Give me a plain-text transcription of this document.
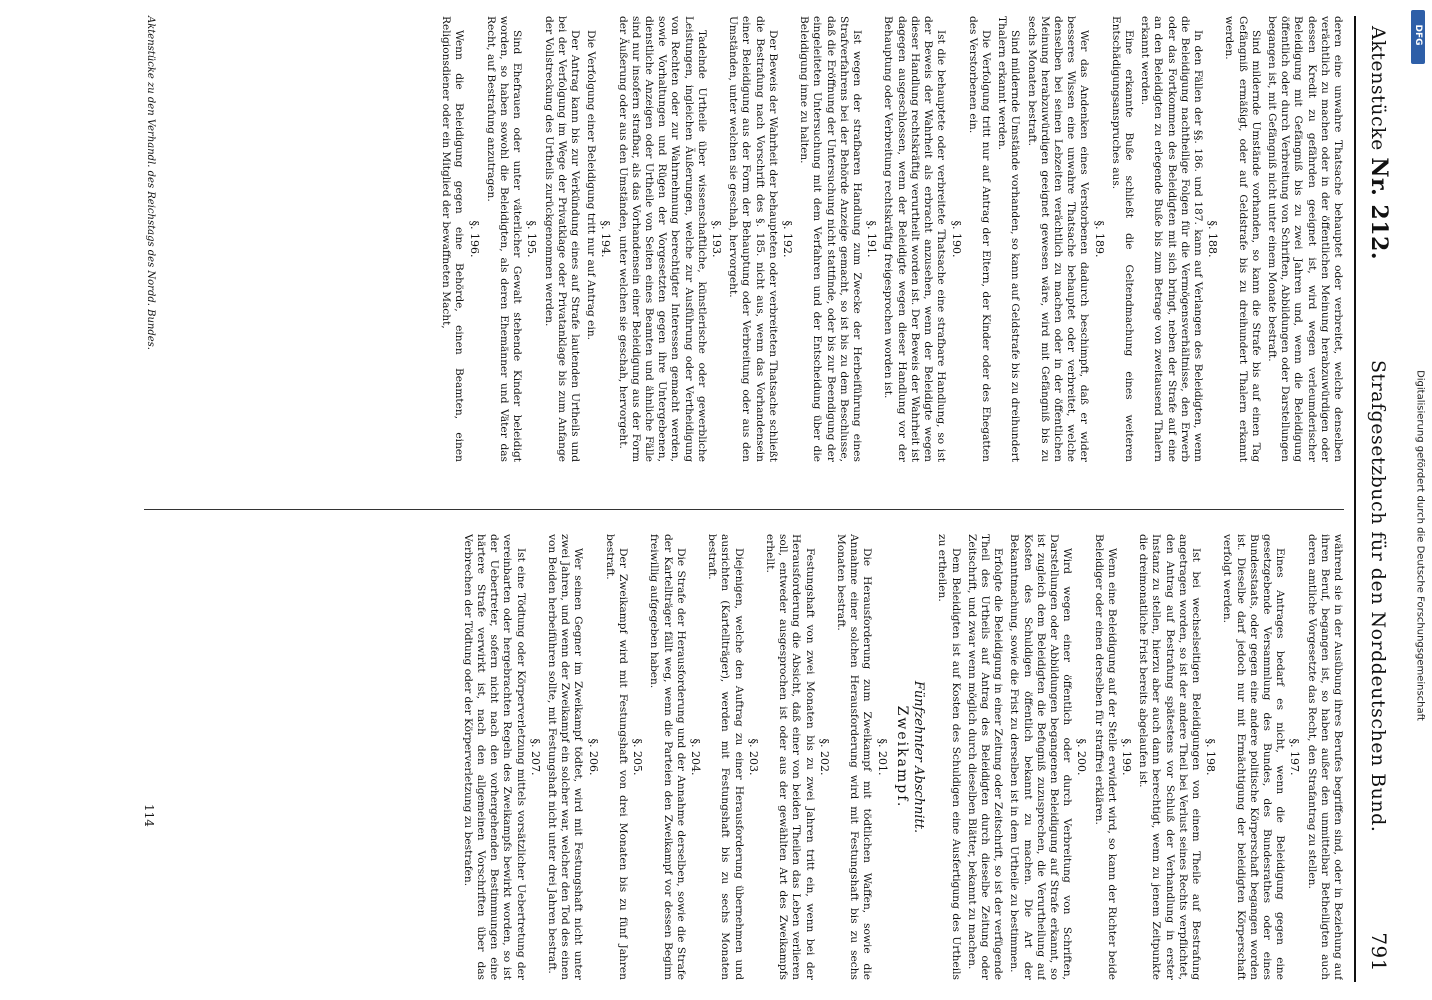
Aktenstücke Nr. 212.
Strafgesetzbuch für den Norddeutschen Bund.
791

deren eine unwahre Thatsache behauptet oder verbreitet, welche denselben verächtlich zu machen oder in der öffentlichen Meinung herabzuwürdigen oder dessen Kredit zu gefährden geeignet ist, wird wegen verleumderischer Beleidigung mit Gefängniß bis zu zwei Jahren und, wenn die Beleidigung öffentlich oder durch Verbreitung von Schriften, Abbildungen oder Darstellungen begangen ist, mit Gefängniß nicht unter einem Monate bestraft.

Sind mildernde Umstände vorhanden, so kann die Strafe bis auf einen Tag Gefängniß ermäßigt, oder auf Geldstrafe bis zu dreihundert Thalern erkannt werden.

§. 188.

In den Fällen der §§. 186. und 187. kann auf Verlangen des Beleidigten, wenn die Beleidigung nachtheilige Folgen für die Vermögensverhältnisse, den Erwerb oder das Fortkommen des Beleidigten mit sich bringt, neben der Strafe auf eine an den Beleidigten zu erlegende Buße bis zum Betrage von zweitausend Thalern erkannt werden.

Eine erkannte Buße schließt die Geltendmachung eines weiteren Entschädigungsanspruches aus.

§. 189.

Wer das Andenken eines Verstorbenen dadurch beschimpft, daß er wider besseres Wissen eine unwahre Thatsache behauptet oder verbreitet, welche denselben bei seinen Lebzeiten verächtlich zu machen oder in der öffentlichen Meinung herabzuwürdigen geeignet gewesen wäre, wird mit Gefängniß bis zu sechs Monaten bestraft.

Sind mildernde Umstände vorhanden, so kann auf Geldstrafe bis zu dreihundert Thalern erkannt werden.

Die Verfolgung tritt nur auf Antrag der Eltern, der Kinder oder des Ehegatten des Verstorbenen ein.

§. 190.

Ist die behauptete oder verbreitete Thatsache eine strafbare Handlung, so ist der Beweis der Wahrheit als erbracht anzusehen, wenn der Beleidigte wegen dieser Handlung rechtskräftig verurtheilt worden ist. Der Beweis der Wahrheit ist dagegen ausgeschlossen, wenn der Beleidigte wegen dieser Handlung vor der Behauptung oder Verbreitung rechtskräftig freigesprochen worden ist.

§. 191.

Ist wegen der strafbaren Handlung zum Zwecke der Herbeiführung eines Strafverfahrens bei der Behörde Anzeige gemacht, so ist bis zu dem Beschlusse, daß die Eröffnung der Untersuchung nicht stattfinde, oder bis zur Beendigung der eingeleiteten Untersuchung mit dem Verfahren und der Entscheidung über die Beleidigung inne zu halten.

§. 192.

Der Beweis der Wahrheit der behaupteten oder verbreiteten Thatsache schließt die Bestrafung nach Vorschrift des §. 185. nicht aus, wenn das Vorhandensein einer Beleidigung aus der Form der Behauptung oder Verbreitung oder aus den Umständen, unter welchen sie geschah, hervorgeht.

§. 193.

Tadelnde Urtheile über wissenschaftliche, künstlerische oder gewerbliche Leistungen, ingleichen Äußerungen, welche zur Ausführung oder Vertheidigung von Rechten oder zur Wahrnehmung berechtigter Interessen gemacht werden, sowie Vorhaltungen und Rügen der Vorgesetzten gegen ihre Untergebenen, dienstliche Anzeigen oder Urtheile von Seiten eines Beamten und ähnliche Fälle sind nur insofern strafbar, als das Vorhandensein einer Beleidigung aus der Form der Äußerung oder aus den Umständen, unter welchen sie geschah, hervorgeht.

§. 194.

Die Verfolgung einer Beleidigung tritt nur auf Antrag ein.

Der Antrag kann bis zur Verkündung eines auf Strafe lautenden Urtheils und bei der Verfolgung im Wege der Privatklage oder Privatanklage bis zum Anfange der Vollstreckung des Urtheils zurückgenommen werden.

§. 195.

Sind Ehefrauen oder unter väterlicher Gewalt stehende Kinder beleidigt worden, so haben sowohl die Beleidigten, als deren Ehemänner und Väter das Recht, auf Bestrafung anzutragen.

§. 196.

Wenn die Beleidigung gegen eine Behörde, einen Beamten, einen Religionsdiener oder ein Mitglied der bewaffneten Macht,

während sie in der Ausübung ihres Berufes begriffen sind, oder in Beziehung auf ihren Beruf, begangen ist, so haben außer den unmittelbar Betheiligten auch deren amtliche Vorgesetzte das Recht, den Strafantrag zu stellen.

§. 197.

Eines Antrages bedarf es nicht, wenn die Beleidigung gegen eine gesetzgebende Versammlung des Bundes, des Bundesrathes oder eines Bundesstaats, oder gegen eine andere politische Körperschaft begangen worden ist. Dieselbe darf jedoch nur mit Ermächtigung der beleidigten Körperschaft verfolgt werden.

§. 198.

Ist bei wechselseitigen Beleidigungen von einem Theile auf Bestrafung angetragen worden, so ist der andere Theil bei Verlust seines Rechts verpflichtet, den Antrag auf Bestrafung spätestens vor Schluß der Verhandlung in erster Instanz zu stellen, hierzu aber auch dann berechtigt, wenn zu jenem Zeitpunkte die dreimonatliche Frist bereits abgelaufen ist.

§. 199.

Wenn eine Beleidigung auf der Stelle erwidert wird, so kann der Richter beide Beleidiger oder einen derselben für straffrei erklären.

§. 200.

Wird wegen einer öffentlich oder durch Verbreitung von Schriften, Darstellungen oder Abbildungen begangenen Beleidigung auf Strafe erkannt, so ist zugleich dem Beleidigten die Befugniß zuzusprechen, die Verurtheilung auf Kosten des Schuldigen öffentlich bekannt zu machen. Die Art der Bekanntmachung, sowie die Frist zu derselben ist in dem Urtheile zu bestimmen.

Erfolgte die Beleidigung in einer Zeitung oder Zeitschrift, so ist der verfügende Theil des Urtheils auf Antrag des Beleidigten durch dieselbe Zeitung oder Zeitschrift, und zwar wenn möglich durch dieselben Blätter, bekannt zu machen.

Dem Beleidigten ist auf Kosten des Schuldigen eine Ausfertigung des Urtheils zu ertheilen.

Fünfzehnter Abschnitt.
Zweikampf.
§. 201.

Die Herausforderung zum Zweikampf mit tödtlichen Waffen, sowie die Annahme einer solchen Herausforderung wird mit Festungshaft bis zu sechs Monaten bestraft.

§. 202.

Festungshaft von zwei Monaten bis zu zwei Jahren tritt ein, wenn bei der Herausforderung die Absicht, daß einer von beiden Theilen das Leben verlieren soll, entweder ausgesprochen ist oder aus der gewählten Art des Zweikampfs erhellt.

§. 203.

Diejenigen, welche den Auftrag zu einer Herausforderung übernehmen und ausrichten (Kartellträger), werden mit Festungshaft bis zu sechs Monaten bestraft.

§. 204.

Die Strafe der Herausforderung und der Annahme derselben, sowie die Strafe der Kartellträger fällt weg, wenn die Parteien den Zweikampf vor dessen Beginn freiwillig aufgegeben haben.

§. 205.

Der Zweikampf wird mit Festungshaft von drei Monaten bis zu fünf Jahren bestraft.

§. 206.

Wer seinen Gegner im Zweikampf tödtet, wird mit Festungshaft nicht unter zwei Jahren, und wenn der Zweikampf ein solcher war, welcher den Tod des einen von Beiden herbeiführen sollte, mit Festungshaft nicht unter drei Jahren bestraft.

§. 207.

Ist eine Tödtung oder Körperverletzung mittels vorsätzlicher Uebertretung der vereinbarten oder hergebrachten Regeln des Zweikampfs bewirkt worden, so ist der Uebertreter, sofern nicht nach den vorhergehenden Bestimmungen eine härtere Strafe verwirkt ist, nach den allgemeinen Vorschriften über das Verbrechen der Tödtung oder der Körperverletzung zu bestrafen.

Aktenstücke zu den Verhandl. des Reichstags des Nordd. Bundes.
114
DFG
Digitalisierung gefördert durch die Deutsche Forschungsgemeinschaft
